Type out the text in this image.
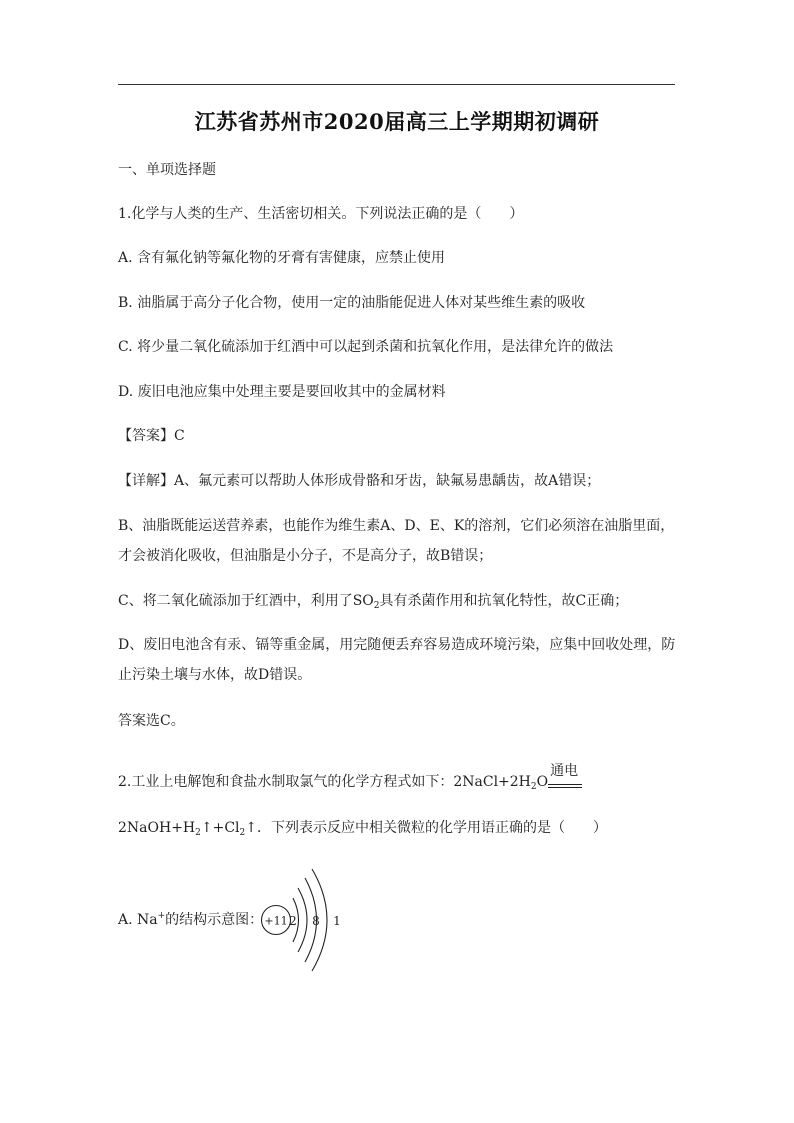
江苏省苏州市2020届高三上学期期初调研
一、单项选择题
1.化学与人类的生产、生活密切相关。下列说法正确的是（　　）
A. 含有氟化钠等氟化物的牙膏有害健康，应禁止使用
B. 油脂属于高分子化合物，使用一定的油脂能促进人体对某些维生素的吸收
C. 将少量二氧化硫添加于红酒中可以起到杀菌和抗氧化作用，是法律允许的做法
D. 废旧电池应集中处理主要是要回收其中的金属材料
【答案】C
【详解】A、氟元素可以帮助人体形成骨骼和牙齿，缺氟易患龋齿，故A错误；
B、油脂既能运送营养素，也能作为维生素A、D、E、K的溶剂，它们必须溶在油脂里面，才会被消化吸收，但油脂是小分子，不是高分子，故B错误；
C、将二氧化硫添加于红酒中，利用了$SO_2$具有杀菌作用和抗氧化特性，故C正确；
D、废旧电池含有汞、镉等重金属，用完随便丢弃容易造成环境污染，应集中回收处理，防止污染土壤与水体，故D错误。
答案选C。
2.工业上电解饱和食盐水制取氯气的化学方程式如下：$2NaCl+2H_2O$
通电
$2NaOH+H_2↑+Cl_2↑$．下列表示反应中相关微粒的化学用语正确的是（　　）
A. Na+的结构示意图： +11 2 8 1
